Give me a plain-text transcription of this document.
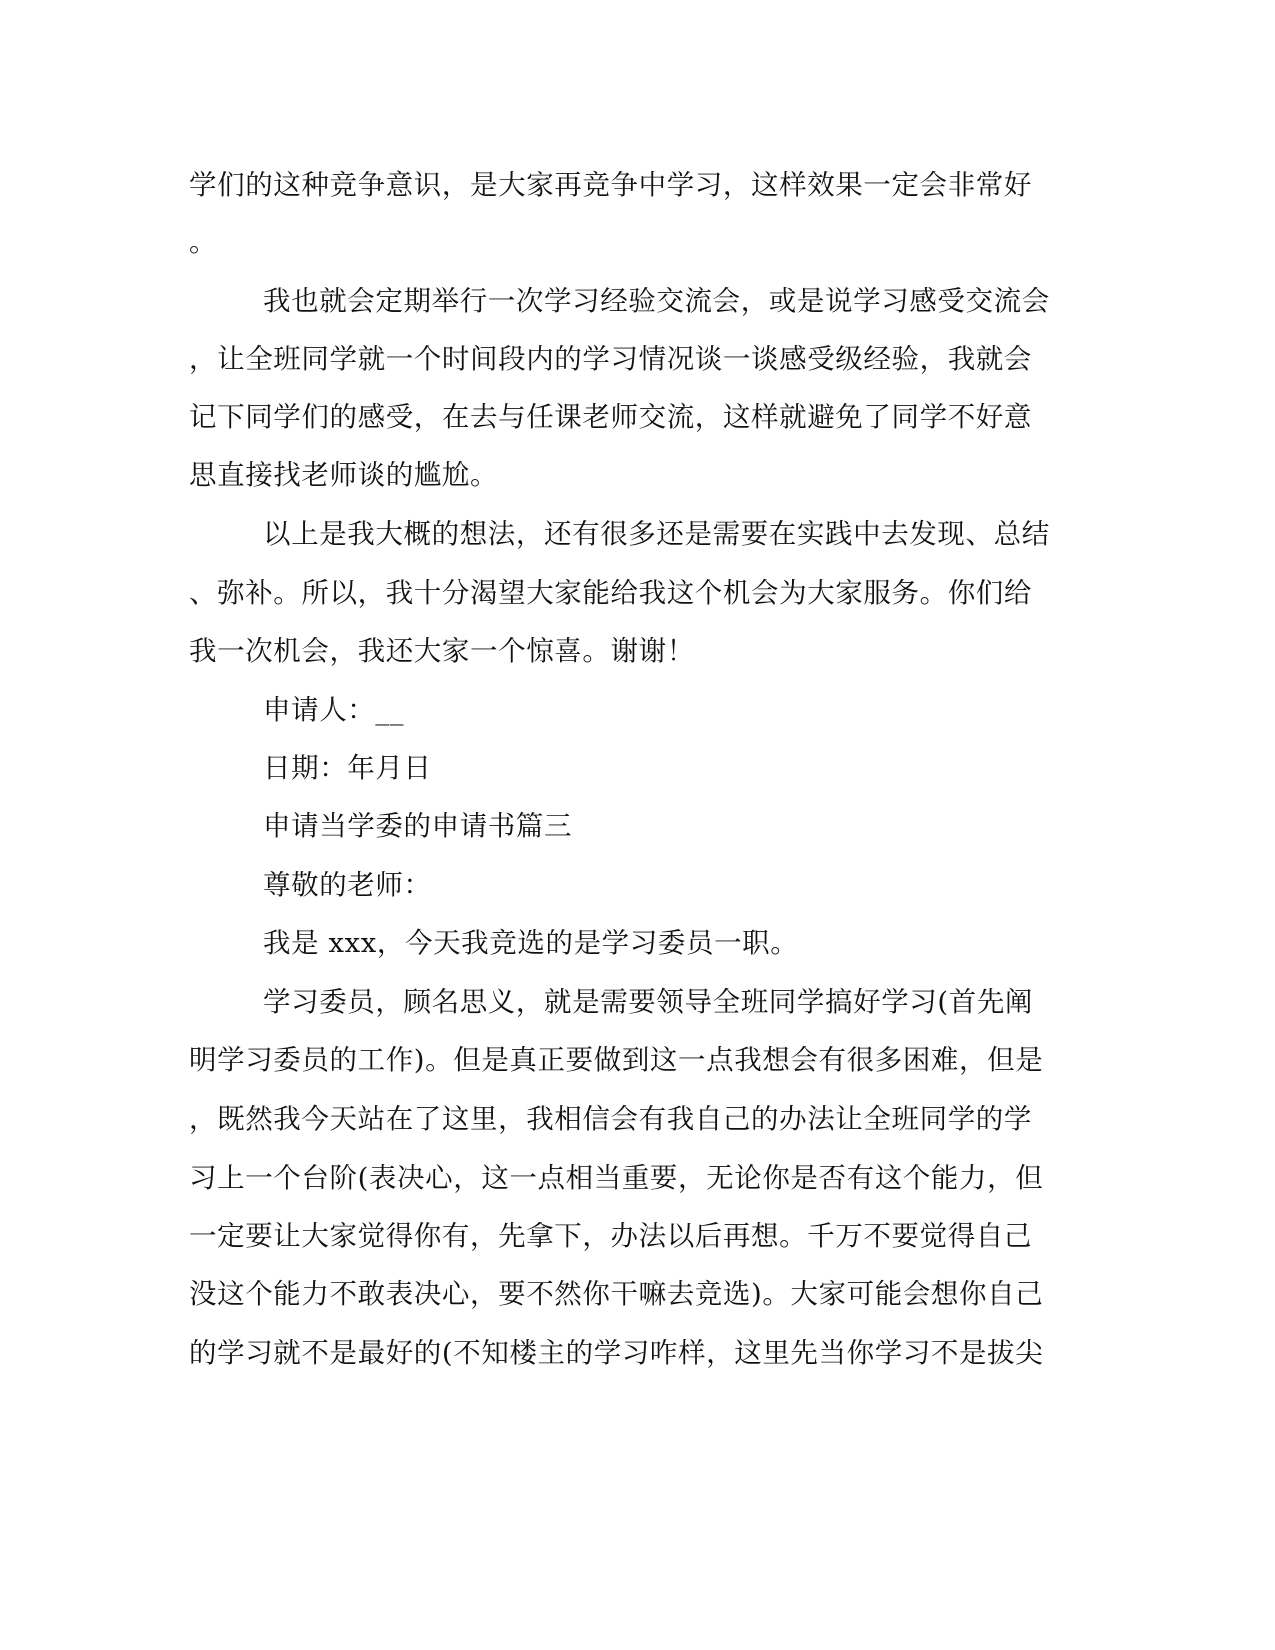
学们的这种竞争意识，是大家再竞争中学习，这样效果一定会非常好
。
我也就会定期举行一次学习经验交流会，或是说学习感受交流会
，让全班同学就一个时间段内的学习情况谈一谈感受级经验，我就会
记下同学们的感受，在去与任课老师交流，这样就避免了同学不好意
思直接找老师谈的尴尬。
以上是我大概的想法，还有很多还是需要在实践中去发现、总结
、弥补。所以，我十分渴望大家能给我这个机会为大家服务。你们给
我一次机会，我还大家一个惊喜。谢谢！
申请人：__
日期：年月日
申请当学委的申请书篇三
尊敬的老师：
我是 xxx，今天我竞选的是学习委员一职。
学习委员，顾名思义，就是需要领导全班同学搞好学习(首先阐
明学习委员的工作)。但是真正要做到这一点我想会有很多困难，但是
，既然我今天站在了这里，我相信会有我自己的办法让全班同学的学
习上一个台阶(表决心，这一点相当重要，无论你是否有这个能力，但
一定要让大家觉得你有，先拿下，办法以后再想。千万不要觉得自己
没这个能力不敢表决心，要不然你干嘛去竞选)。大家可能会想你自己
的学习就不是最好的(不知楼主的学习咋样，这里先当你学习不是拔尖
